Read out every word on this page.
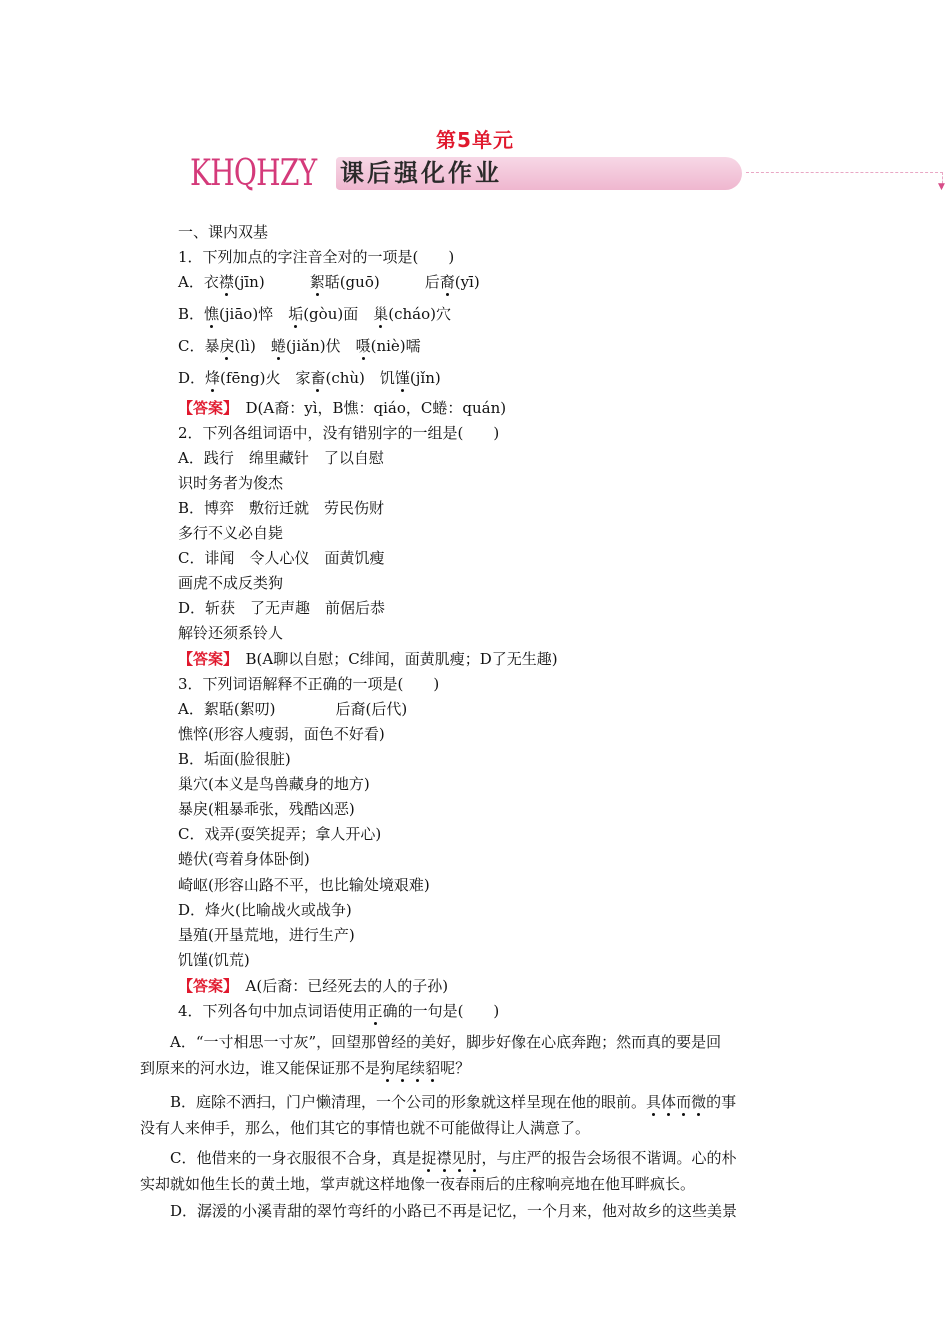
第5单元
KHQHZY 课后强化作业	▼
一、课内双基
1．下列加点的字注音全对的一项是(　　)
A．衣襟(jīn)　　　絮聒(guō)　　　后裔(yī)
B．憔(jiāo)悴　垢(gòu)面　巢(cháo)穴
C．暴戾(lì)　蜷(jiǎn)伏　嗫(niè)嚅
D．烽(fēng)火　家畜(chù)　饥馑(jǐn)
【答案】　D(A裔：yì，B憔：qiáo，C蜷：quán)
2．下列各组词语中，没有错别字的一组是(　　)
A．践行　绵里藏针　了以自慰
识时务者为俊杰
B．博弈　敷衍迁就　劳民伤财
多行不义必自毙
C．诽闻　令人心仪　面黄饥瘦
画虎不成反类狗
D．斩获　了无声趣　前倨后恭
解铃还须系铃人
【答案】　B(A聊以自慰；C绯闻，面黄肌瘦；D了无生趣)
3．下列词语解释不正确的一项是(　　)
A．絮聒(絮叨)　　　　后裔(后代)
憔悴(形容人瘦弱，面色不好看)
B．垢面(脸很脏)
巢穴(本义是鸟兽藏身的地方)
暴戾(粗暴乖张，残酷凶恶)
C．戏弄(耍笑捉弄；拿人开心)
蜷伏(弯着身体卧倒)
崎岖(形容山路不平，也比输处境艰难)
D．烽火(比喻战火或战争)
垦殖(开垦荒地，进行生产)
饥馑(饥荒)
【答案】　A(后裔：已经死去的人的子孙)
4．下列各句中加点词语使用正确的一句是(　　)
　　A．“一寸相思一寸灰”，回望那曾经的美好，脚步好像在心底奔跑；然而真的要是回
到原来的河水边，谁又能保证那不是狗尾续貂呢？
　　B．庭除不洒扫，门户懒清理，一个公司的形象就这样呈现在他的眼前。具体而微的事
没有人来伸手，那么，他们其它的事情也就不可能做得让人满意了。
　　C．他借来的一身衣服很不合身，真是捉襟见肘，与庄严的报告会场很不谐调。心的朴
实却就如他生长的黄土地，掌声就这样地像一夜春雨后的庄稼响亮地在他耳畔疯长。
　　D．潺湲的小溪青甜的翠竹弯纤的小路已不再是记忆，一个月来，他对故乡的这些美景
